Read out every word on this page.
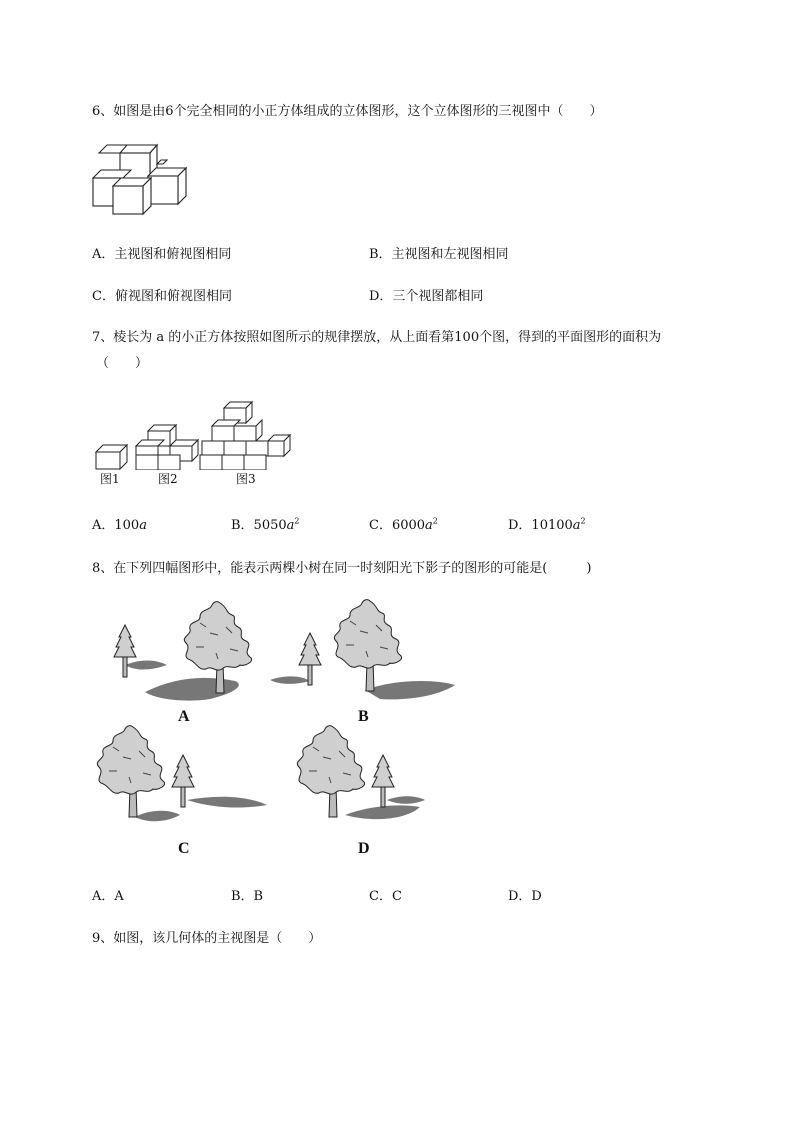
6、如图是由6个完全相同的小正方体组成的立体图形，这个立体图形的三视图中（　　）
A．主视图和俯视图相同	B．主视图和左视图相同
C．俯视图和俯视图相同	D．三个视图都相同
7、棱长为 a 的小正方体按照如图所示的规律摆放，从上面看第100个图，得到的平面图形的面积为
（　　）
图1	图2	图3
A．100a	B．$5050a^2$	C．$6000a^2$	D．$10100a^2$
8、在下列四幅图形中，能表示两棵小树在同一时刻阳光下影子的图形的可能是(　　　)
A	B
C	D
A．A	B．B	C．C	D．D
9、如图，该几何体的主视图是（　　）
